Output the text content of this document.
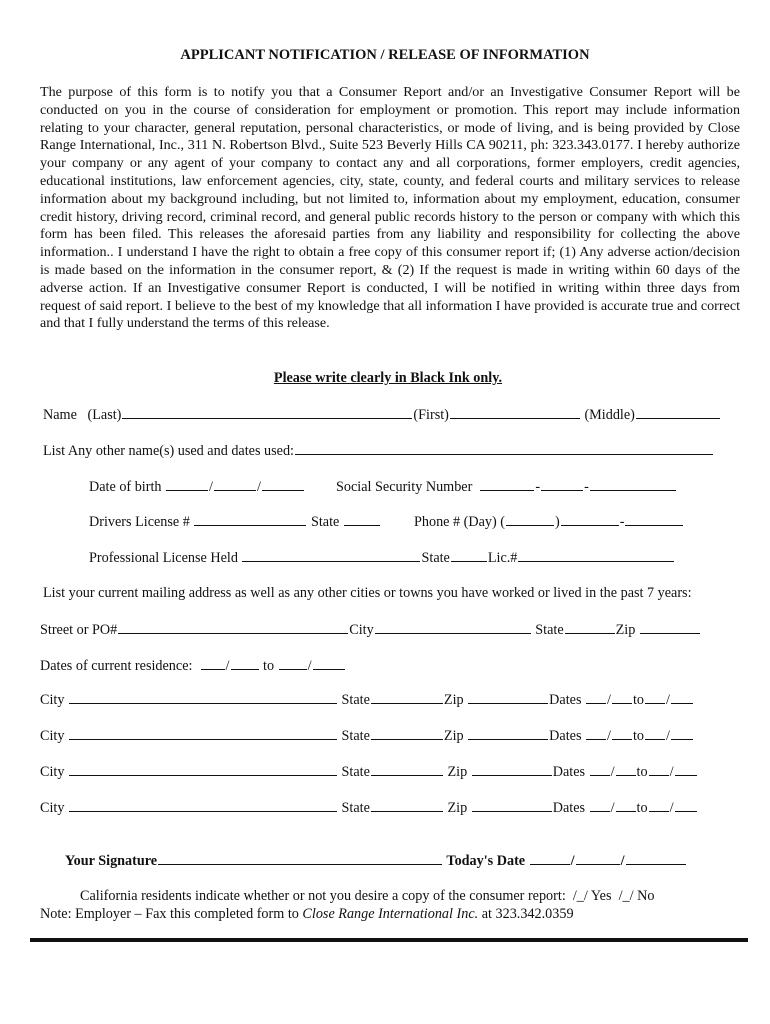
APPLICANT NOTIFICATION / RELEASE OF INFORMATION
The purpose of this form is to notify you that a Consumer Report and/or an Investigative Consumer Report will be conducted on you in the course of consideration for employment or promotion. This report may include information relating to your character, general reputation, personal characteristics, or mode of living, and is being provided by Close Range International, Inc., 311 N. Robertson Blvd., Suite 523 Beverly Hills CA 90211, ph: 323.343.0177. I hereby authorize your company or any agent of your company to contact any and all corporations, former employers, credit agencies, educational institutions, law enforcement agencies, city, state, county, and federal courts and military services to release information about my background including, but not limited to, information about my employment, education, consumer credit history, driving record, criminal record, and general public records history to the person or company with which this form has been filed. This releases the aforesaid parties from any liability and responsibility for collecting the above information.. I understand I have the right to obtain a free copy of this consumer report if; (1) Any adverse action/decision is made based on the information in the consumer report, & (2) If the request is made in writing within 60 days of the adverse action. If an Investigative consumer Report is conducted, I will be notified in writing within three days from request of said report. I believe to the best of my knowledge that all information I have provided is accurate true and correct and that I fully understand the terms of this release.
Please write clearly in Black Ink only.
Name (Last)	(First)	(Middle)
List Any other name(s) used and dates used:
Date of birth	/	/	Social Security Number	-	-
Drivers License #	State	Phone # (Day) (	)	-
Professional License Held	State	Lic.#
List your current mailing address as well as any other cities or towns you have worked or lived in the past 7 years:
Street or PO#	City	State	Zip
Dates of current residence: / to /
City	State	Zip	Dates / to /
City	State	Zip	Dates / to /
City	State	Zip	Dates / to /
City	State	Zip	Dates / to /
Your Signature	Today's Date	/	/
California residents indicate whether or not you desire a copy of the consumer report: /_/ Yes /_/ No
Note: Employer – Fax this completed form to Close Range International Inc. at 323.342.0359
